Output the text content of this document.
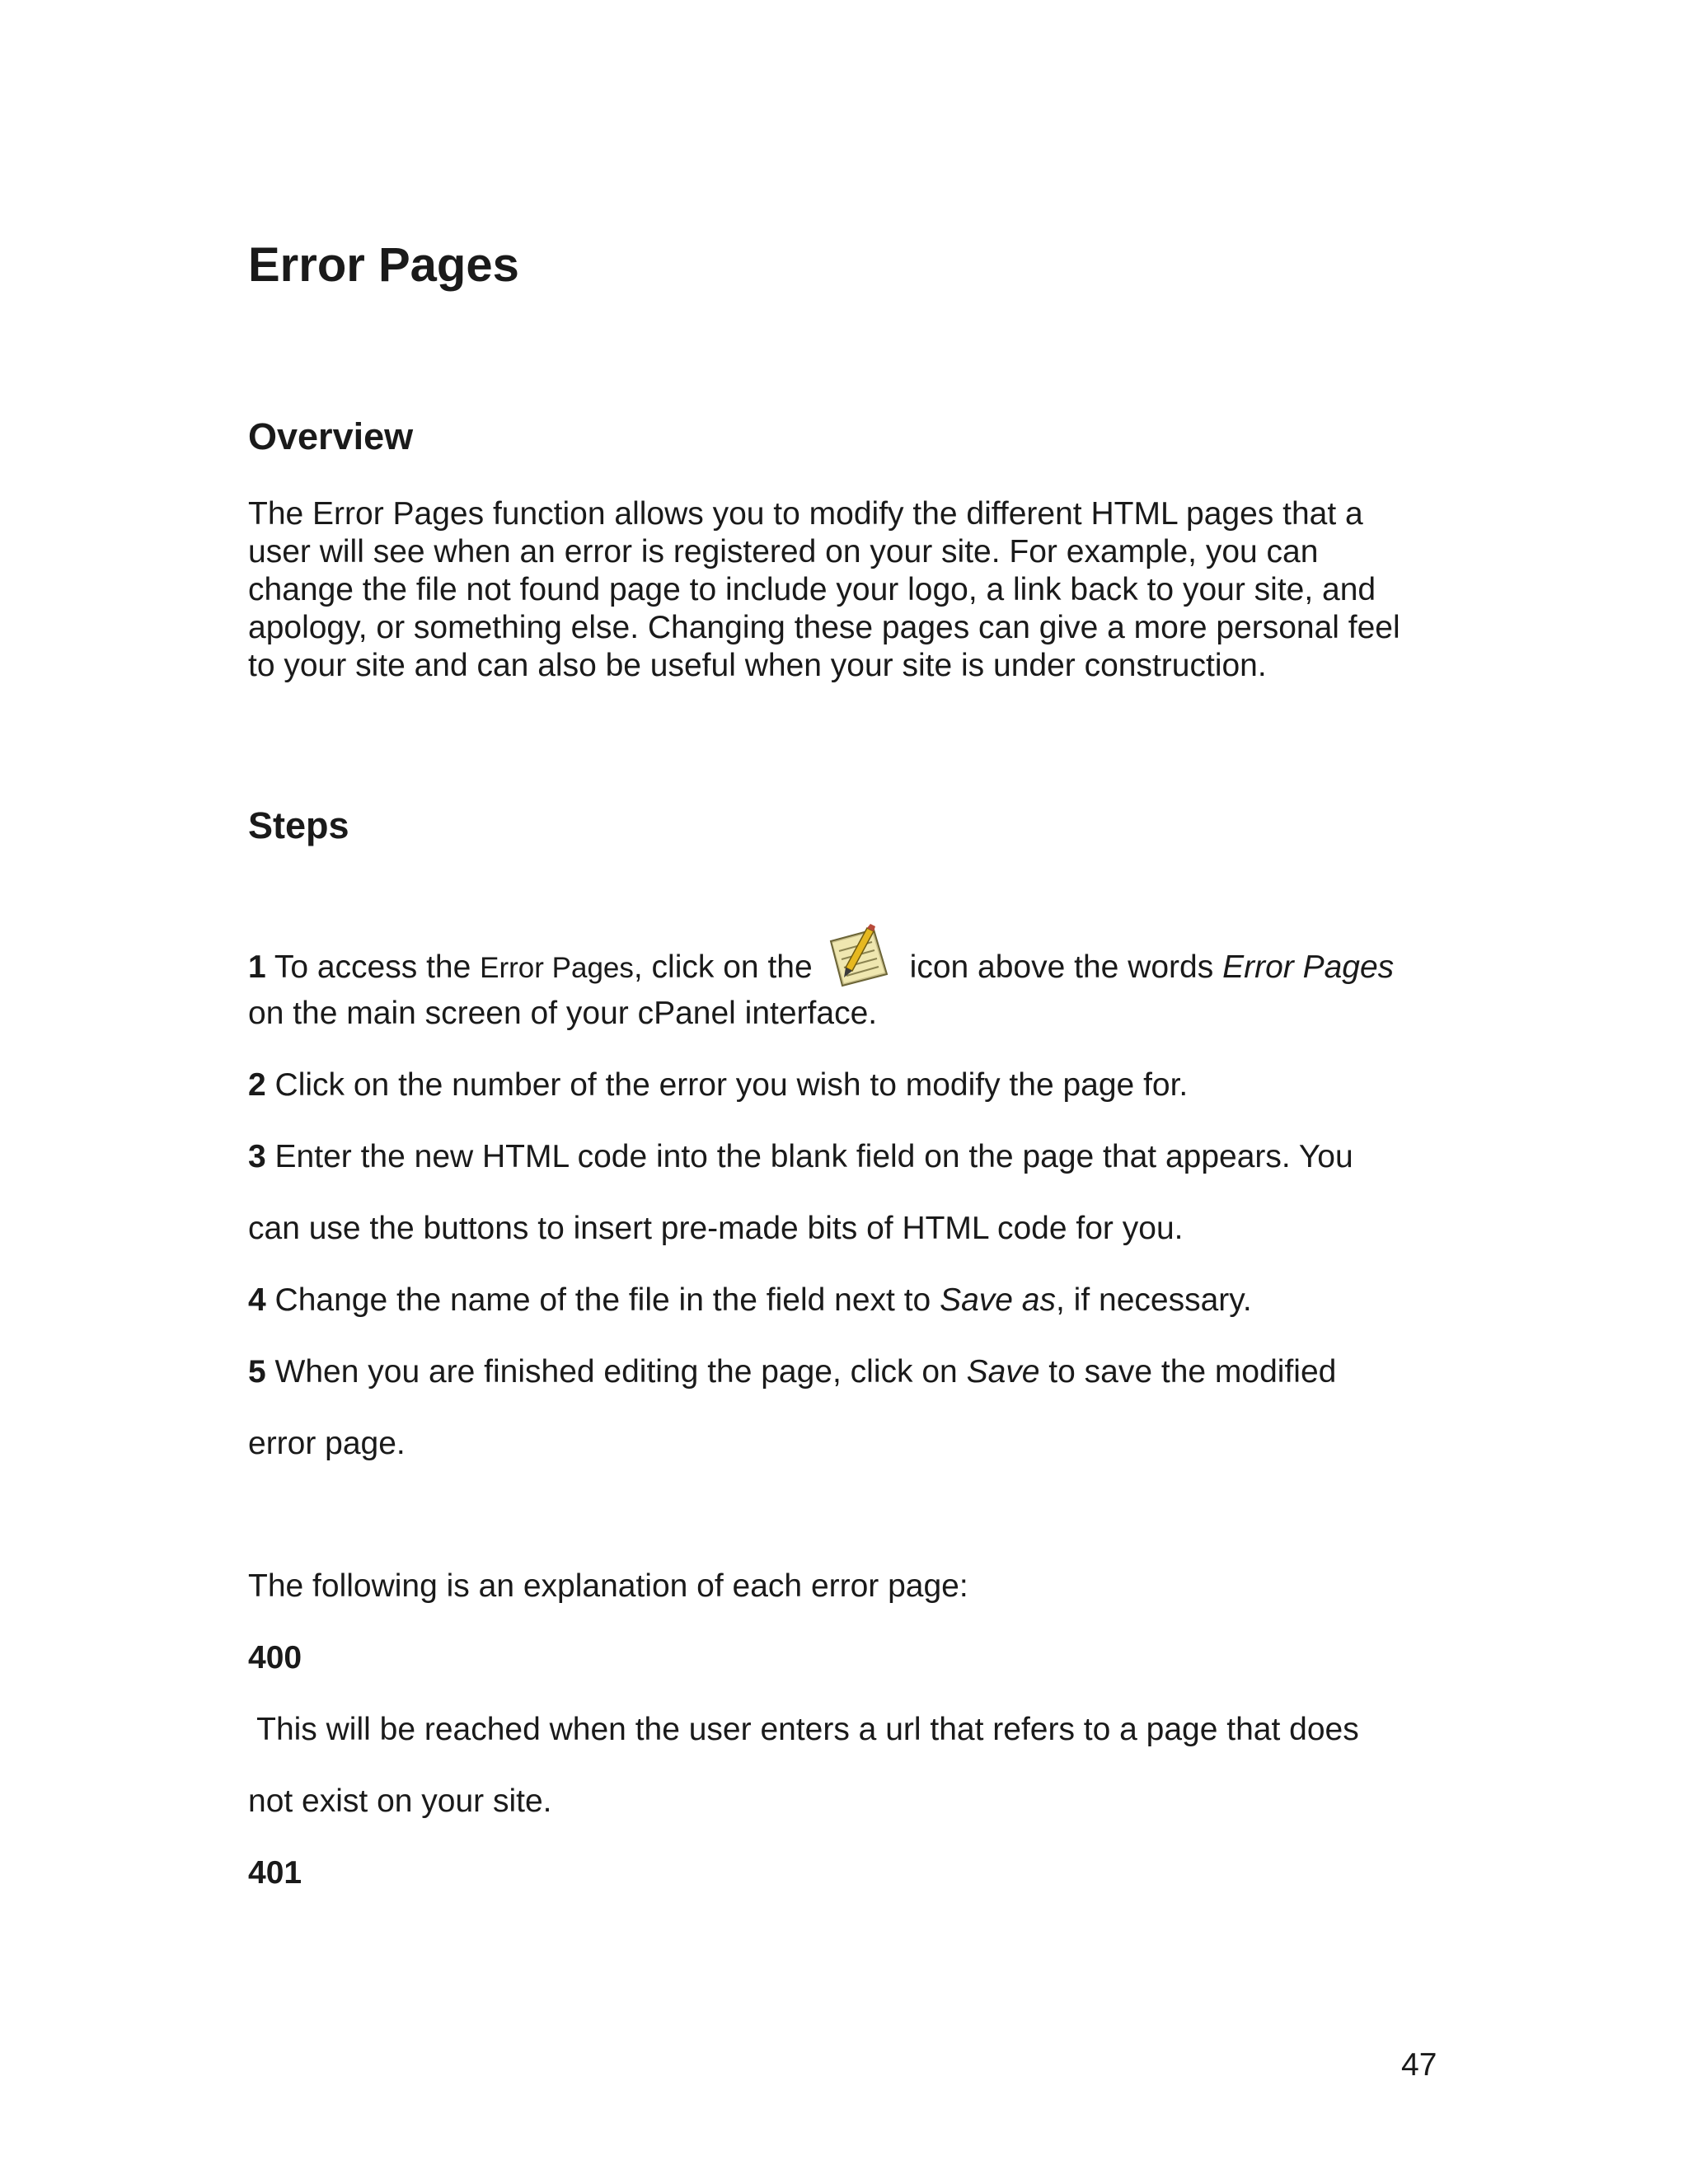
Error Pages
Overview
The Error Pages function allows you to modify the different HTML pages that a
user will see when an error is registered on your site. For example, you can
change the file not found page to include your logo, a link back to your site, and
apology, or something else. Changing these pages can give a more personal feel
to your site and can also be useful when your site is under construction.
Steps
1 To access the Error Pages, click on the	icon above the words Error Pages
on the main screen of your cPanel interface.
2 Click on the number of the error you wish to modify the page for.
3 Enter the new HTML code into the blank field on the page that appears. You
can use the buttons to insert pre-made bits of HTML code for you.
4 Change the name of the file in the field next to Save as, if necessary.
5 When you are finished editing the page, click on Save to save the modified
error page.
The following is an explanation of each error page:
400
This will be reached when the user enters a url that refers to a page that does
not exist on your site.
401
47
